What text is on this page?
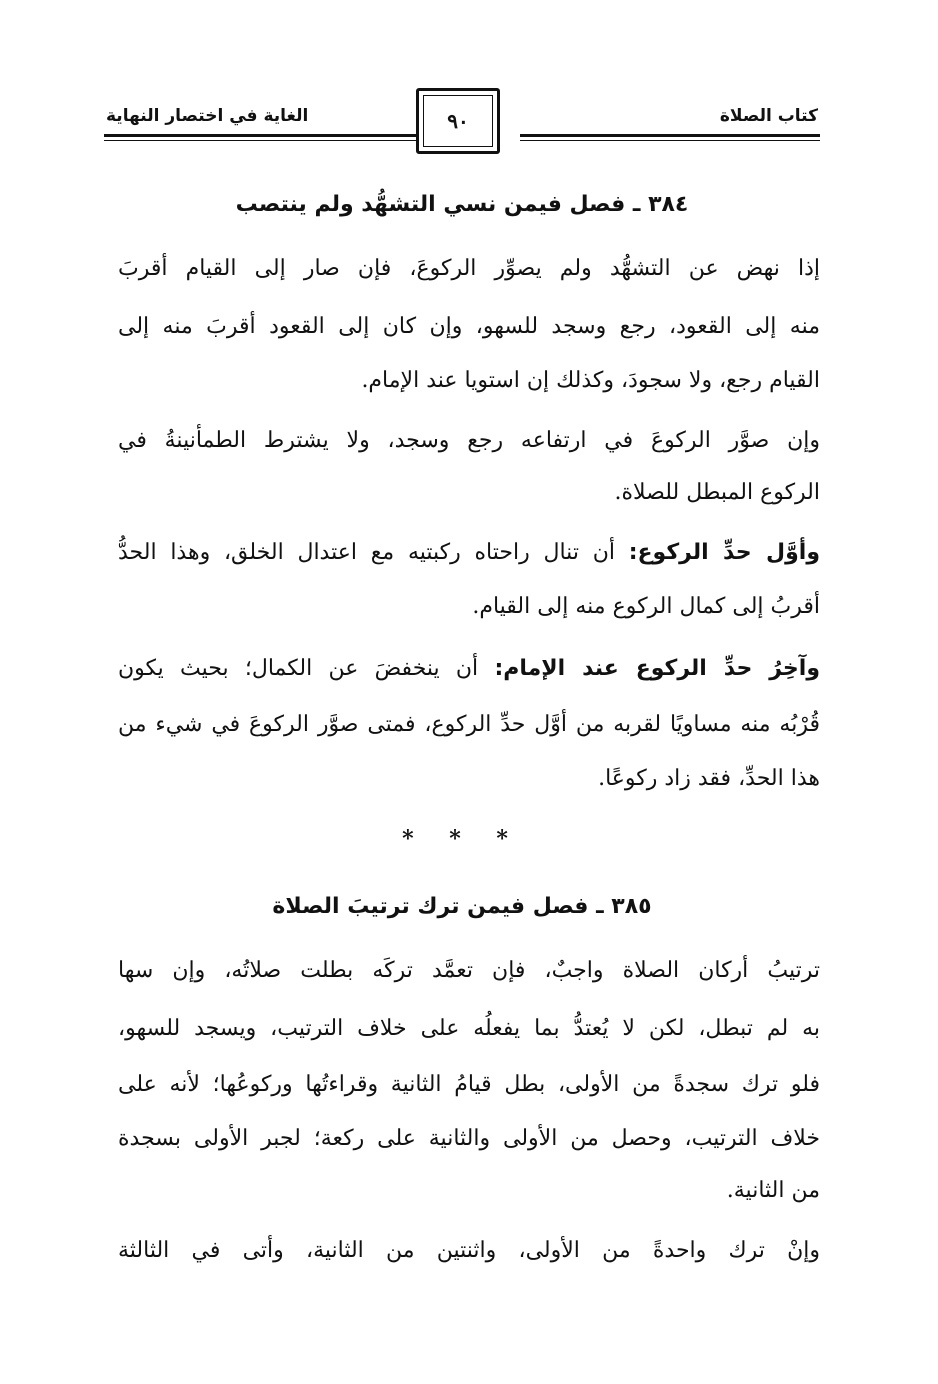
كتاب الصلاة
الغاية في اختصار النهاية	٩٠
٣٨٤ ـ فصل فيمن نسي التشهُّد ولم ينتصب
إذا نهض عن التشهُّد ولم يصوِّر الركوعَ، فإن صار إلى القيام أقربَ
منه إلى القعود، رجع وسجد للسهو، وإن كان إلى القعود أقربَ منه إلى
القيام رجع، ولا سجودَ، وكذلك إن استويا عند الإمام.
وإن صوَّر الركوعَ في ارتفاعه رجع وسجد، ولا يشترط الطمأنينةُ في
الركوع المبطل للصلاة.
وأوَّل حدِّ الركوع: أن تنال راحتاه ركبتيه مع اعتدال الخلق، وهذا الحدُّ
أقربُ إلى كمال الركوع منه إلى القيام.
وآخِرُ حدِّ الركوع عند الإمام: أن ينخفضَ عن الكمال؛ بحيث يكون
قُرْبُه منه مساويًا لقربه من أوَّل حدِّ الركوع، فمتى صوَّر الركوعَ في شيء من
هذا الحدِّ، فقد زاد ركوعًا.
* * *
٣٨٥ ـ فصل فيمن ترك ترتيبَ الصلاة
ترتيبُ أركان الصلاة واجبٌ، فإن تعمَّد تركَه بطلت صلاتُه، وإن سها
به لم تبطل، لكن لا يُعتدُّ بما يفعلُه على خلاف الترتيب، ويسجد للسهو،
فلو ترك سجدةً من الأولى، بطل قيامُ الثانية وقراءتُها وركوعُها؛ لأنه على
خلاف الترتيب، وحصل من الأولى والثانية على ركعة؛ لجبر الأولى بسجدة
من الثانية.
وإنْ ترك واحدةً من الأولى، واثنتين من الثانية، وأتى في الثالثة
